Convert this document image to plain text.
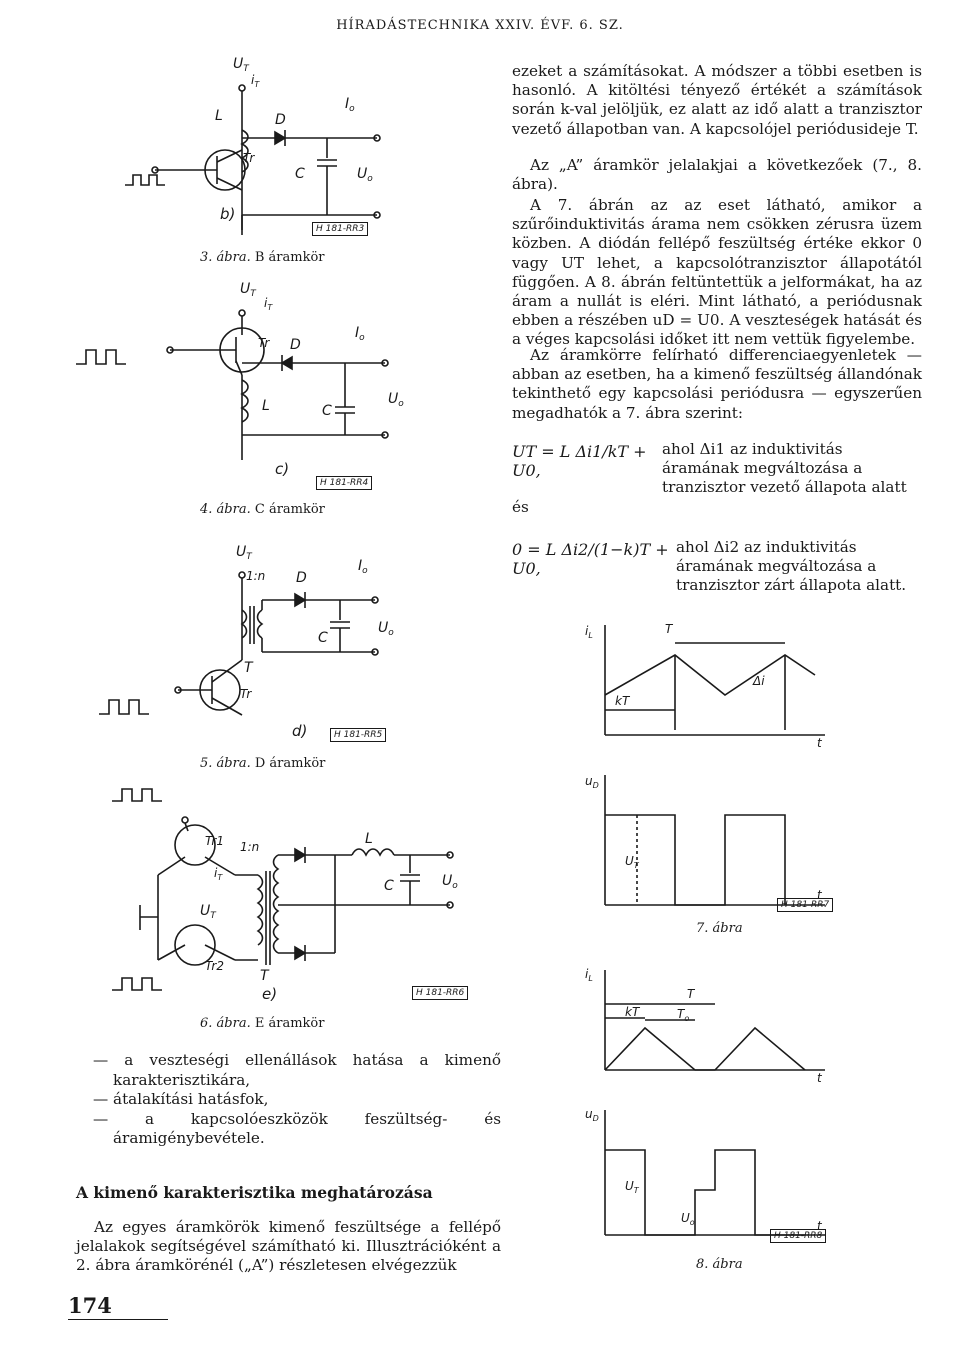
HÍRADÁSTECHNIKA XXIV. ÉVF. 6. SZ.
ezeket a számításokat. A módszer a többi esetben is hasonló. A kitöltési tényező értékét a számítások során k-val jelöljük, ez alatt az idő alatt a tranzisztor vezető állapotban van. A kapcsolójel periódusideje T.
Az „A” áramkör jelalakjai a következőek (7., 8. ábra).
A 7. ábrán az az eset látható, amikor a szűrőinduktivitás árama nem csökken zérusra üzem közben. A diódán fellépő feszültség értéke ekkor 0 vagy UT lehet, a kapcsolótranzisztor állapotától függően. A 8. ábrán feltüntettük a jelformákat, ha az áram a nullát is eléri. Mint látható, a periódusnak ebben a részében uD = U0. A veszteségek hatását és a véges kapcsolási időket itt nem vettük figyelembe.
Az áramkörre felírható differenciaegyenletek — abban az esetben, ha a kimenő feszültség állandónak tekinthető egy kapcsolási periódusra — egyszerűen megadhatók a 7. ábra szerint:
UT = L Δi1/kT + U0,
ahol Δi1 az induktivitás áramának megváltozása a tranzisztor vezető állapota alatt
és
0 = L Δi2/(1−k)T + U0,
ahol Δi2 az induktivitás áramának megváltozása a tranzisztor zárt állapota alatt.
$U_T$
$i_T$
L	D
$I_o$
Tr
C	$U_o$
b)
H 181-RR3
3. ábra. B áramkör
$U_T$
$i_T$
Tr D
$I_o$
L	C
$U_o$
c)
H 181-RR4
4. ábra. C áramkör
$U_T$
1:n D
$I_o$
C
$U_o$
T
Tr
d)	H 181-RR5
5. ábra. D áramkör
Tr1 1:n	L
$i_T$
$U_T$
C	$U_o$
T
Tr2
e)	H 181-RR6
6. ábra. E áramkör
$i_L$	T
kT
Δi
t
$u_D$
$U_T$
t
H 181-RR7
7. ábra
$i_L$
T
kT	$T_o$
t
$u_D$
$U_T$
$U_o$	t
H 181-RR8
8. ábra
— a veszteségi ellenállások hatása a kimenő karakterisztikára,
— átalakítási hatásfok,
— a kapcsolóeszközök feszültség- és áramigénybevétele.
A kimenő karakterisztika meghatározása
Az egyes áramkörök kimenő feszültsége a fellépő jelalakok segítségével számítható ki. Illusztrációként a 2. ábra áramkörénél („A”) részletesen elvégezzük
174
